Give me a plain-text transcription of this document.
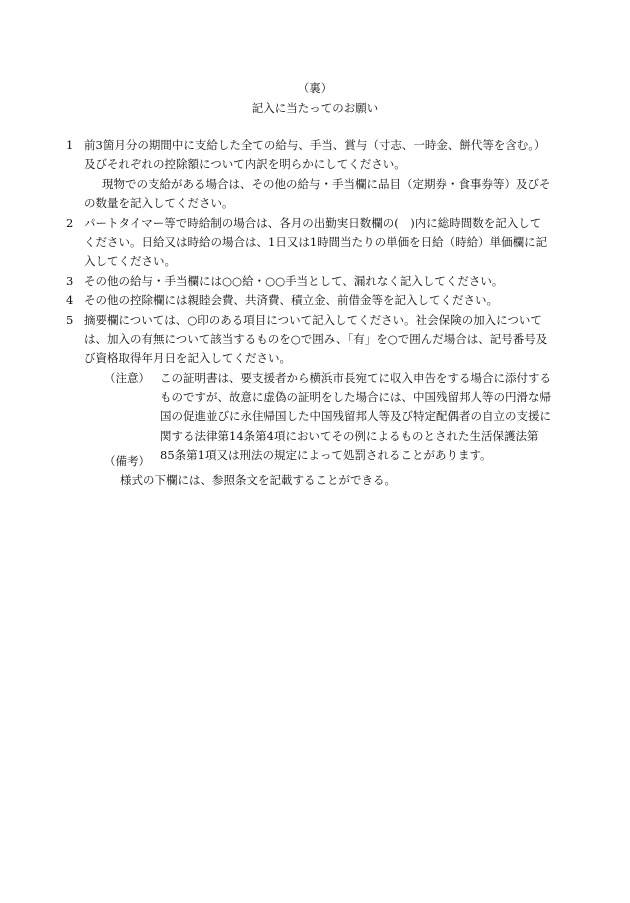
（裏）
記入に当たってのお願い
1 前3箇月分の期間中に支給した全ての給与、手当、賞与（寸志、一時金、餅代等を含む。）及びそれぞれの控除額について内訳を明らかにしてください。
現物での支給がある場合は、その他の給与・手当欄に品目（定期券・食事券等）及びその数量を記入してください。
2 パートタイマー等で時給制の場合は、各月の出勤実日数欄の(　)内に総時間数を記入してください。日給又は時給の場合は、1日又は1時間当たりの単価を日給（時給）単価欄に記入してください。
3 その他の給与・手当欄には○○給・○○手当として、漏れなく記入してください。
4 その他の控除欄には親睦会費、共済費、積立金、前借金等を記入してください。
5 摘要欄については、○印のある項目について記入してください。社会保険の加入については、加入の有無について該当するものを○で囲み、「有」を○で囲んだ場合は、記号番号及び資格取得年月日を記入してください。
（注意） この証明書は、要支援者から横浜市長宛てに収入申告をする場合に添付するものですが、故意に虚偽の証明をした場合には、中国残留邦人等の円滑な帰国の促進並びに永住帰国した中国残留邦人等及び特定配偶者の自立の支援に関する法律第14条第4項においてその例によるものとされた生活保護法第85条第1項又は刑法の規定によって処罰されることがあります。
（備考）
様式の下欄には、参照条文を記載することができる。
